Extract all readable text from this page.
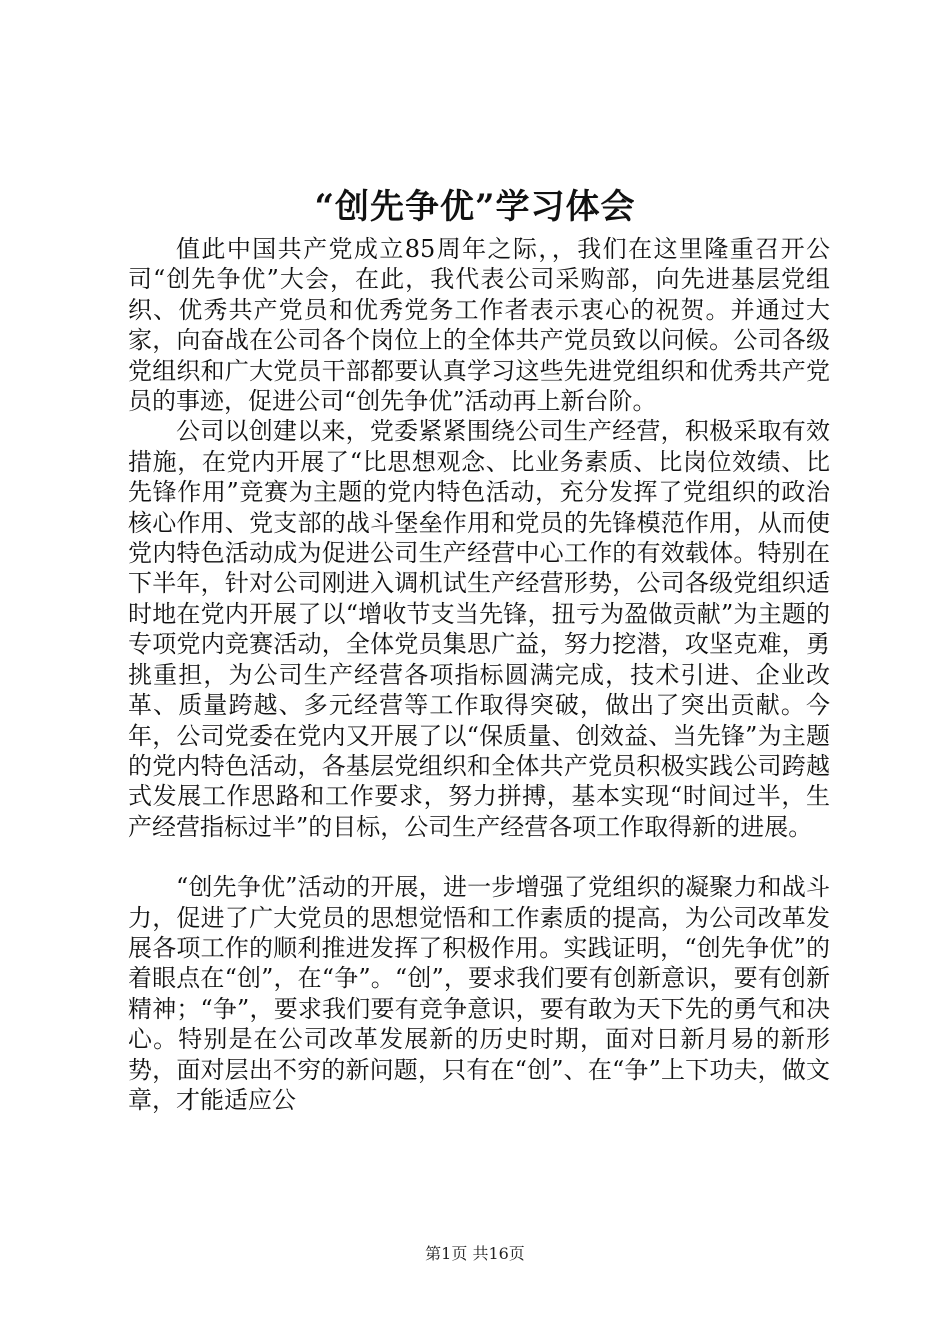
“创先争优”学习体会

值此中国共产党成立85周年之际，，我们在这里隆重召开公司“创先争优”大会，在此，我代表公司采购部，向先进基层党组织、优秀共产党员和优秀党务工作者表示衷心的祝贺。并通过大家，向奋战在公司各个岗位上的全体共产党员致以问候。公司各级党组织和广大党员干部都要认真学习这些先进党组织和优秀共产党员的事迹，促进公司“创先争优”活动再上新台阶。

公司以创建以来，党委紧紧围绕公司生产经营，积极采取有效措施，在党内开展了“比思想观念、比业务素质、比岗位效绩、比先锋作用”竞赛为主题的党内特色活动，充分发挥了党组织的政治核心作用、党支部的战斗堡垒作用和党员的先锋模范作用，从而使党内特色活动成为促进公司生产经营中心工作的有效载体。特别在下半年，针对公司刚进入调机试生产经营形势，公司各级党组织适时地在党内开展了以“增收节支当先锋，扭亏为盈做贡献”为主题的专项党内竞赛活动，全体党员集思广益，努力挖潜，攻坚克难，勇挑重担，为公司生产经营各项指标圆满完成，技术引进、企业改革、质量跨越、多元经营等工作取得突破，做出了突出贡献。今年，公司党委在党内又开展了以“保质量、创效益、当先锋”为主题的党内特色活动，各基层党组织和全体共产党员积极实践公司跨越式发展工作思路和工作要求，努力拼搏，基本实现“时间过半，生产经营指标过半”的目标，公司生产经营各项工作取得新的进展。

“创先争优”活动的开展，进一步增强了党组织的凝聚力和战斗力，促进了广大党员的思想觉悟和工作素质的提高，为公司改革发展各项工作的顺利推进发挥了积极作用。实践证明，“创先争优”的着眼点在“创”，在“争”。“创”，要求我们要有创新意识，要有创新精神；“争”，要求我们要有竞争意识，要有敢为天下先的勇气和决心。特别是在公司改革发展新的历史时期，面对日新月易的新形势，面对层出不穷的新问题，只有在“创”、在“争”上下功夫，做文章，才能适应公

第1页 共16页
